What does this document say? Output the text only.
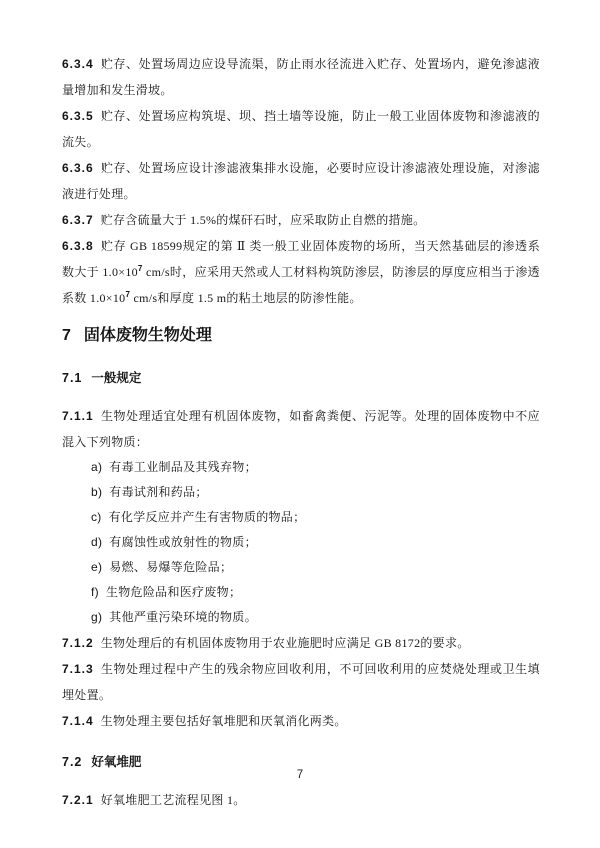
6.3.4 贮存、处置场周边应设导流渠，防止雨水径流进入贮存、处置场内，避免渗滤液量增加和发生滑坡。

6.3.5 贮存、处置场应构筑堤、坝、挡土墙等设施，防止一般工业固体废物和渗滤液的流失。

6.3.6 贮存、处置场应设计渗滤液集排水设施，必要时应设计渗滤液处理设施，对渗滤液进行处理。

6.3.7 贮存含硫量大于 1.5%的煤矸石时，应采取防止自燃的措施。

6.3.8 贮存 GB 18599规定的第 Ⅱ 类一般工业固体废物的场所，当天然基础层的渗透系数大于 $1.0\times 10^7$ cm/s时，应采用天然或人工材料构筑防渗层，防渗层的厚度应相当于渗透系数 $1.0\times 10^7$ cm/s和厚度 1.5 m的粘土地层的防渗性能。

7 固体废物生物处理
7.1 一般规定

7.1.1 生物处理适宜处理有机固体废物，如畜禽粪便、污泥等。处理的固体废物中不应混入下列物质：

a) 有毒工业制品及其残弃物；
b) 有毒试剂和药品；
c) 有化学反应并产生有害物质的物品；
d) 有腐蚀性或放射性的物质；
e) 易燃、易爆等危险品；
f) 生物危险品和医疗废物；
g) 其他严重污染环境的物质。

7.1.2 生物处理后的有机固体废物用于农业施肥时应满足 GB 8172的要求。

7.1.3 生物处理过程中产生的残余物应回收利用，不可回收利用的应焚烧处理或卫生填埋处置。

7.1.4 生物处理主要包括好氧堆肥和厌氧消化两类。

7.2 好氧堆肥

7.2.1 好氧堆肥工艺流程见图 1。

7
